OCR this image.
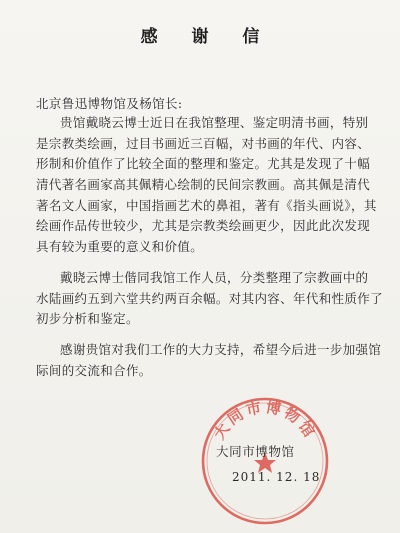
感 谢 信
北京鲁迅博物馆及杨馆长:
贵馆戴晓云博士近日在我馆整理、鉴定明清书画，特别
是宗教类绘画，过目书画近三百幅，对书画的年代、内容、
形制和价值作了比较全面的整理和鉴定。尤其是发现了十幅
清代著名画家高其佩精心绘制的民间宗教画。高其佩是清代
著名文人画家，中国指画艺术的鼻祖，著有《指头画说》，其
绘画作品传世较少，尤其是宗教类绘画更少，因此此次发现
具有较为重要的意义和价值。
戴晓云博士偕同我馆工作人员，分类整理了宗教画中的
水陆画约五到六堂共约两百余幅。对其内容、年代和性质作了
初步分析和鉴定。
感谢贵馆对我们工作的大力支持，希望今后进一步加强馆
际间的交流和合作。
大同市博物馆
大同市博物馆
2011. 12. 18
